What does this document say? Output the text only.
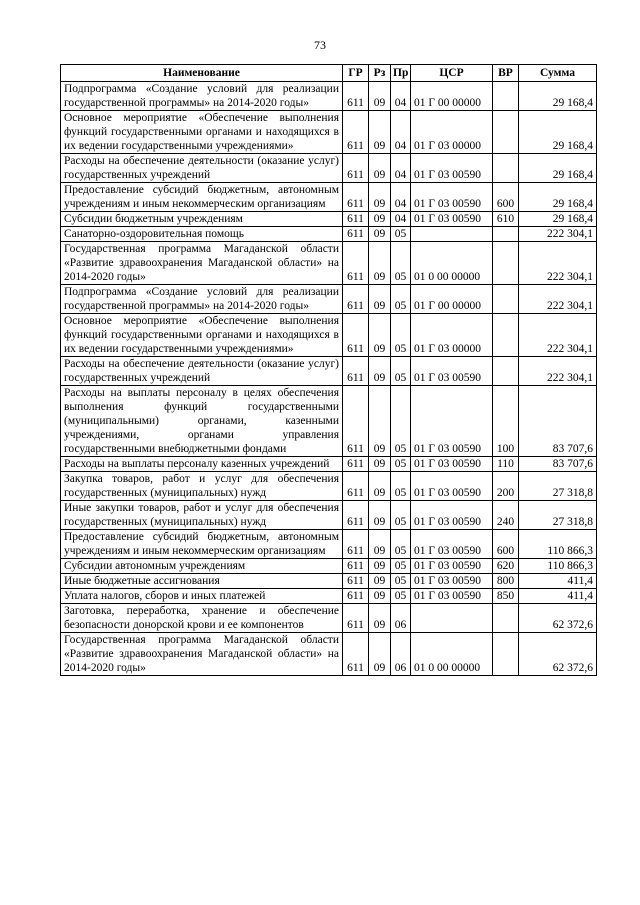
73
Наименование	ГР	Рз	Пр	ЦСР	ВР	Сумма
Подпрограмма «Создание условий для реализации государственной программы» на 2014-2020 годы»	611	09	04	01 Г 00 00000		29 168,4
Основное мероприятие «Обеспечение выполнения функций государственными органами и находящихся в их ведении государственными учреждениями»	611	09	04	01 Г 03 00000		29 168,4
Расходы на обеспечение деятельности (оказание услуг) государственных учреждений	611	09	04	01 Г 03 00590		29 168,4
Предоставление субсидий бюджетным, автономным учреждениям и иным некоммерческим организациям	611	09	04	01 Г 03 00590	600	29 168,4
Субсидии бюджетным учреждениям	611	09	04	01 Г 03 00590	610	29 168,4
Санаторно-оздоровительная помощь	611	09	05			222 304,1
Государственная программа Магаданской области «Развитие здравоохранения Магаданской области» на 2014-2020 годы»	611	09	05	01 0 00 00000		222 304,1
Подпрограмма «Создание условий для реализации государственной программы» на 2014-2020 годы»	611	09	05	01 Г 00 00000		222 304,1
Основное мероприятие «Обеспечение выполнения функций государственными органами и находящихся в их ведении государственными учреждениями»	611	09	05	01 Г 03 00000		222 304,1
Расходы на обеспечение деятельности (оказание услуг) государственных учреждений	611	09	05	01 Г 03 00590		222 304,1
Расходы на выплаты персоналу в целях обеспечения выполнения функций государственными (муниципальными) органами, казенными учреждениями, органами управления государственными внебюджетными фондами	611	09	05	01 Г 03 00590	100	83 707,6
Расходы на выплаты персоналу казенных учреждений	611	09	05	01 Г 03 00590	110	83 707,6
Закупка товаров, работ и услуг для обеспечения государственных (муниципальных) нужд	611	09	05	01 Г 03 00590	200	27 318,8
Иные закупки товаров, работ и услуг для обеспечения государственных (муниципальных) нужд	611	09	05	01 Г 03 00590	240	27 318,8
Предоставление субсидий бюджетным, автономным учреждениям и иным некоммерческим организациям	611	09	05	01 Г 03 00590	600	110 866,3
Субсидии автономным учреждениям	611	09	05	01 Г 03 00590	620	110 866,3
Иные бюджетные ассигнования	611	09	05	01 Г 03 00590	800	411,4
Уплата налогов, сборов и иных платежей	611	09	05	01 Г 03 00590	850	411,4
Заготовка, переработка, хранение и обеспечение безопасности донорской крови и ее компонентов	611	09	06			62 372,6
Государственная программа Магаданской области «Развитие здравоохранения Магаданской области» на 2014-2020 годы»	611	09	06	01 0 00 00000		62 372,6
